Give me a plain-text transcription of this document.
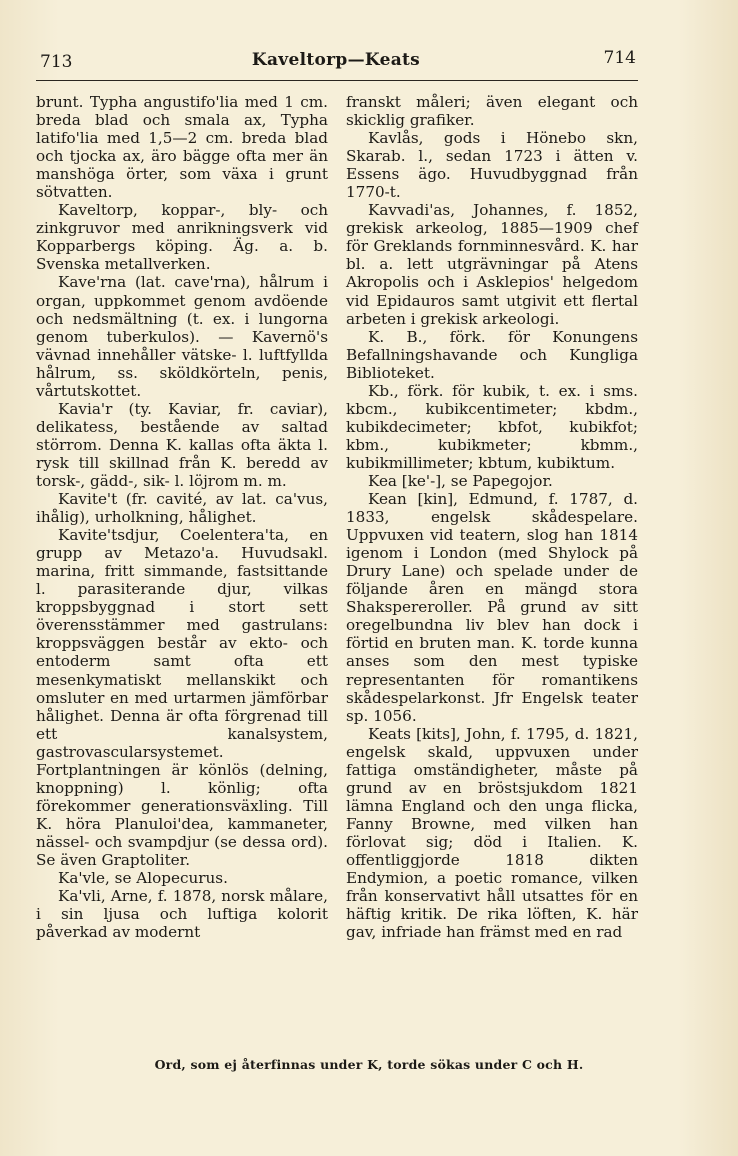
713	Kaveltorp—Keats	714

brunt. Typha angustifo'lia med 1 cm. breda blad och smala ax, Typha latifo'lia med 1,5—2 cm. breda blad och tjocka ax, äro bägge ofta mer än manshöga örter, som växa i grunt sötvatten.

Kaveltorp, koppar-, bly- och zinkgruvor med anrikningsverk vid Kopparbergs köping. Äg. a. b. Svenska metallverken.

Kave'rna (lat. cave'rna), hålrum i organ, uppkommet genom avdöende och nedsmältning (t. ex. i lungorna genom tuberkulos). — Kavernö's vävnad innehåller vätske- l. luftfyllda hålrum, ss. sköldkörteln, penis, vårtutskottet.

Kavia'r (ty. Kaviar, fr. caviar), delikatess, bestående av saltad störrom. Denna K. kallas ofta äkta l. rysk till skillnad från K. beredd av torsk-, gädd-, sik- l. löjrom m. m.

Kavite't (fr. cavité, av lat. ca'vus, ihålig), urholkning, hålighet.

Kavite'tsdjur, Coelentera'ta, en grupp av Metazo'a. Huvudsakl. marina, fritt simmande, fastsittande l. parasiterande djur, vilkas kroppsbyggnad i stort sett överensstämmer med gastrulans: kroppsväggen består av ekto- och entoderm samt ofta ett mesenkymatiskt mellanskikt och omsluter en med urtarmen jämförbar hålighet. Denna är ofta förgrenad till ett kanalsystem, gastrovascularsystemet. Fortplantningen är könlös (delning, knoppning) l. könlig; ofta förekommer generationsväxling. Till K. höra Planuloi'dea, kammaneter, nässel- och svampdjur (se dessa ord). Se även Graptoliter.

Ka'vle, se Alopecurus.

Ka'vli, Arne, f. 1878, norsk målare, i sin ljusa och luftiga kolorit påverkad av modernt

franskt måleri; även elegant och skicklig grafiker.

Kavlås, gods i Hönebo skn, Skarab. l., sedan 1723 i ätten v. Essens ägo. Huvudbyggnad från 1770-t.

Kavvadi'as, Johannes, f. 1852, grekisk arkeolog, 1885—1909 chef för Greklands fornminnesvård. K. har bl. a. lett utgrävningar på Atens Akropolis och i Asklepios' helgedom vid Epidauros samt utgivit ett flertal arbeten i grekisk arkeologi.

K. B., förk. för Konungens Befallningshavande och Kungliga Biblioteket.

Kb., förk. för kubik, t. ex. i sms. kbcm., kubikcentimeter; kbdm., kubikdecimeter; kbfot, kubikfot; kbm., kubikmeter; kbmm., kubikmillimeter; kbtum, kubiktum.

Kea [ke'-], se Papegojor.

Kean [kin], Edmund, f. 1787, d. 1833, engelsk skådespelare. Uppvuxen vid teatern, slog han 1814 igenom i London (med Shylock på Drury Lane) och spelade under de följande åren en mängd stora Shakspereroller. På grund av sitt oregelbundna liv blev han dock i förtid en bruten man. K. torde kunna anses som den mest typiske representanten för romantikens skådespelarkonst. Jfr Engelsk teater sp. 1056.

Keats [kits], John, f. 1795, d. 1821, engelsk skald, uppvuxen under fattiga omständigheter, måste på grund av en bröstsjukdom 1821 lämna England och den unga flicka, Fanny Browne, med vilken han förlovat sig; död i Italien. K. offentliggjorde 1818 dikten Endymion, a poetic romance, vilken från konservativt håll utsattes för en häftig kritik. De rika löften, K. här gav, infriade han främst med en rad

Ord, som ej återfinnas under K, torde sökas under C och H.
